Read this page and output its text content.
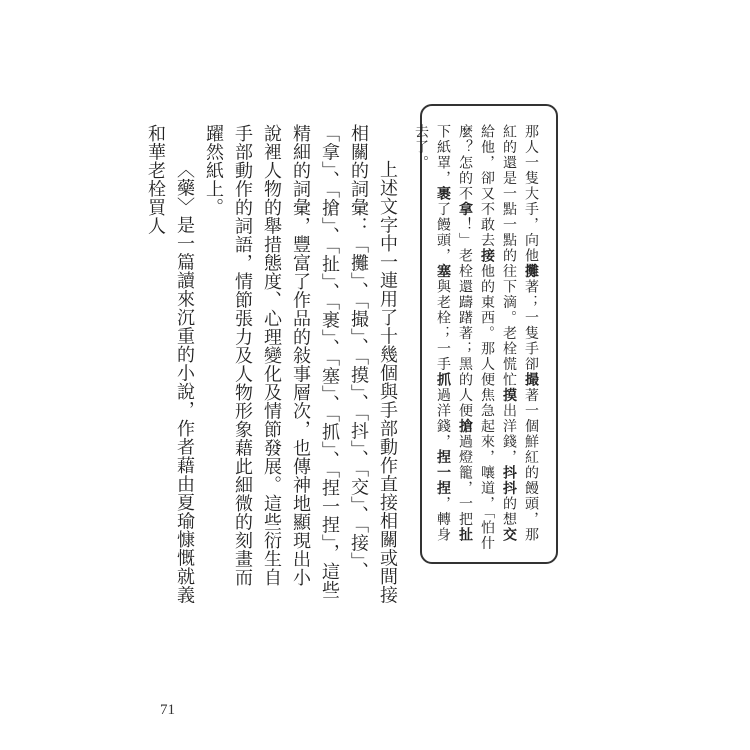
那人一隻大手，向他攤著；一隻手卻撮著一個鮮紅的饅頭，那紅的還是一點一點的往下滴。老栓慌忙摸出洋錢，抖抖的想交給他，卻又不敢去接他的東西。那人便焦急起來，嚷道，「怕什麼？怎的不拿！」老栓還躊躇著；黑的人便搶過燈籠，一把扯下紙罩，裹了饅頭，塞與老栓；一手抓過洋錢，捏一捏，轉身去了。

上述文字中一連用了十幾個與手部動作直接相關或間接相關的詞彙：「攤」、「撮」、「摸」、「抖」、「交」、「接」、「拿」、「搶」、「扯」、「裹」、「塞」、「抓」、「捏一捏」，這些精細的詞彙，豐富了作品的敍事層次，也傳神地顯現出小說裡人物的舉措態度、心理變化及情節發展。這些衍生自手部動作的詞語，情節張力及人物形象藉此細微的刻畫而躍然紙上。

〈藥〉是一篇讀來沉重的小說，作者藉由夏瑜慷慨就義和華老栓買人

71
